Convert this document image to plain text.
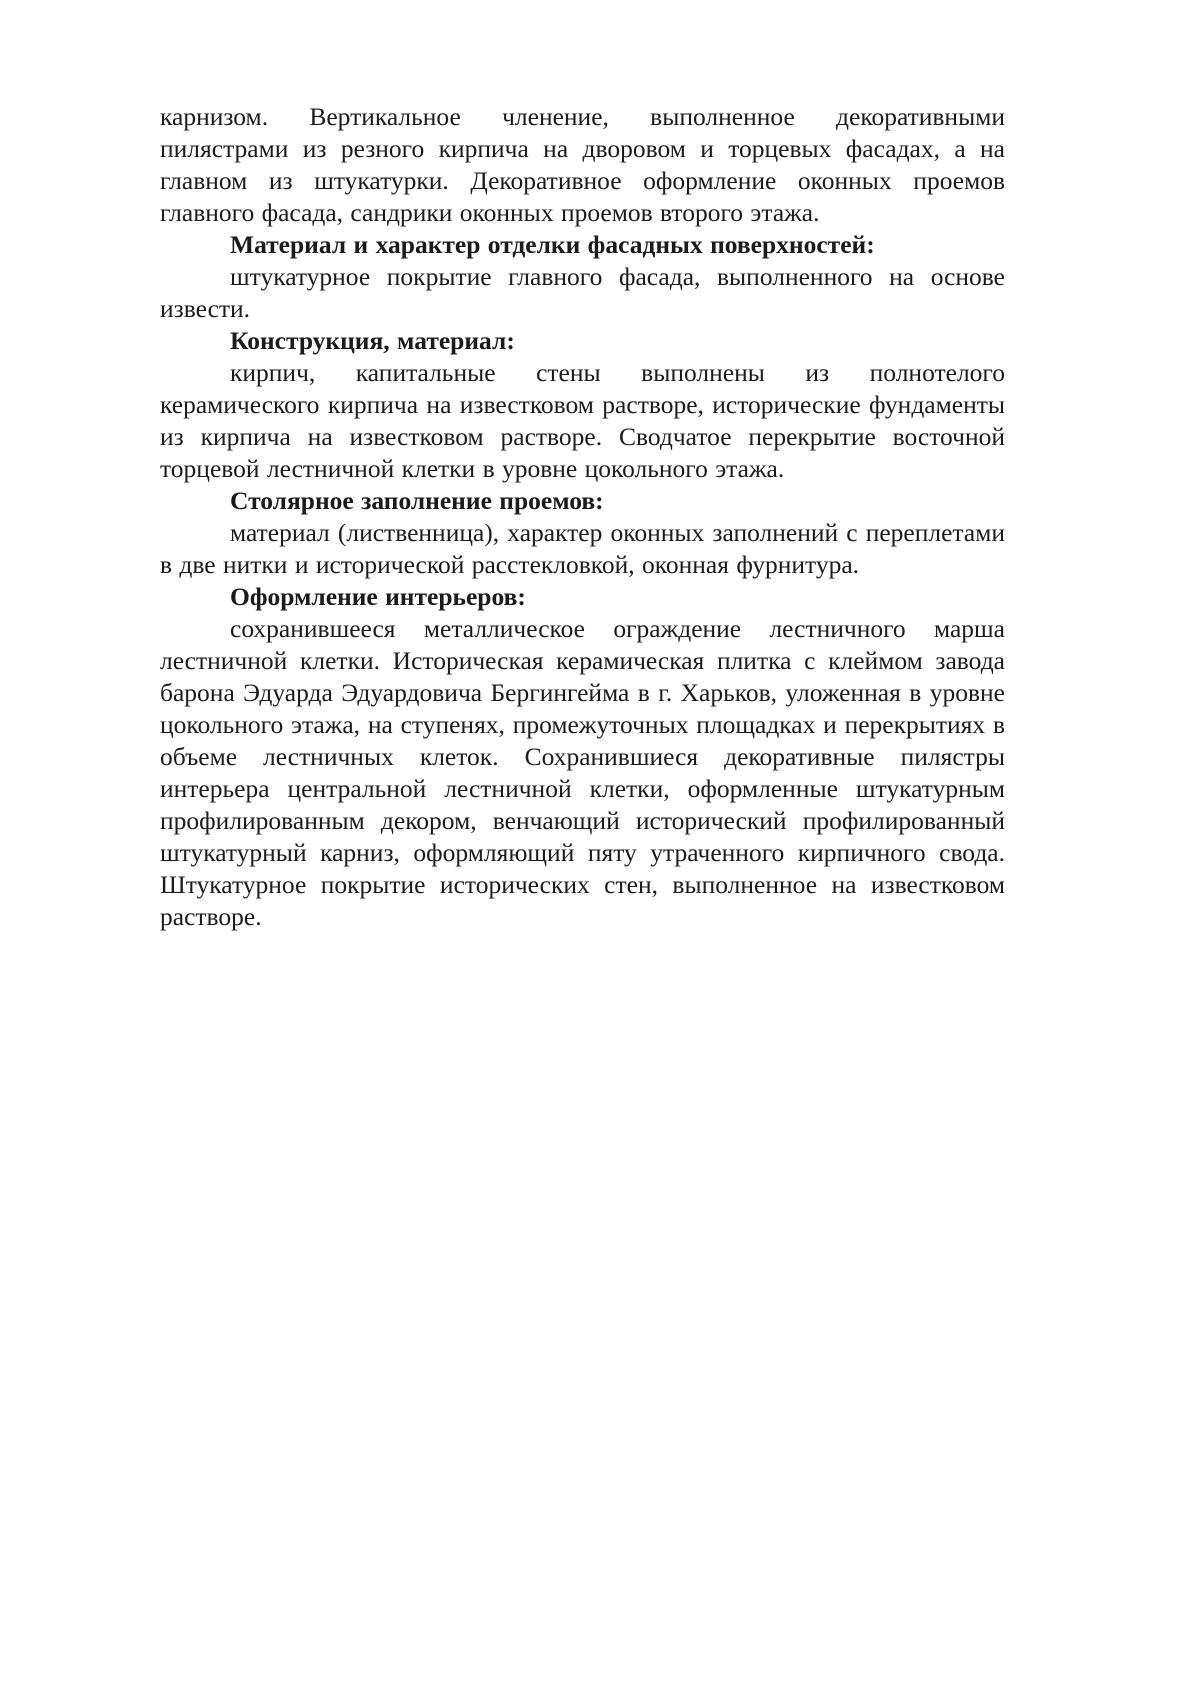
карнизом. Вертикальное членение, выполненное декоративными пилястрами из резного кирпича на дворовом и торцевых фасадах, а на главном из штукатурки. Декоративное оформление оконных проемов главного фасада, сандрики оконных проемов второго этажа.

Материал и характер отделки фасадных поверхностей:

штукатурное покрытие главного фасада, выполненного на основе извести.

Конструкция, материал:

кирпич, капитальные стены выполнены из полнотелого керамического кирпича на известковом растворе, исторические фундаменты из кирпича на известковом растворе. Сводчатое перекрытие восточной торцевой лестничной клетки в уровне цокольного этажа.

Столярное заполнение проемов:

материал (лиственница), характер оконных заполнений с переплетами в две нитки и исторической расстекловкой, оконная фурнитура.

Оформление интерьеров:

сохранившееся металлическое ограждение лестничного марша лестничной клетки. Историческая керамическая плитка с клеймом завода барона Эдуарда Эдуардовича Бергингейма в г. Харьков, уложенная в уровне цокольного этажа, на ступенях, промежуточных площадках и перекрытиях в объеме лестничных клеток. Сохранившиеся декоративные пилястры интерьера центральной лестничной клетки, оформленные штукатурным профилированным декором, венчающий исторический профилированный штукатурный карниз, оформляющий пяту утраченного кирпичного свода. Штукатурное покрытие исторических стен, выполненное на известковом растворе.
